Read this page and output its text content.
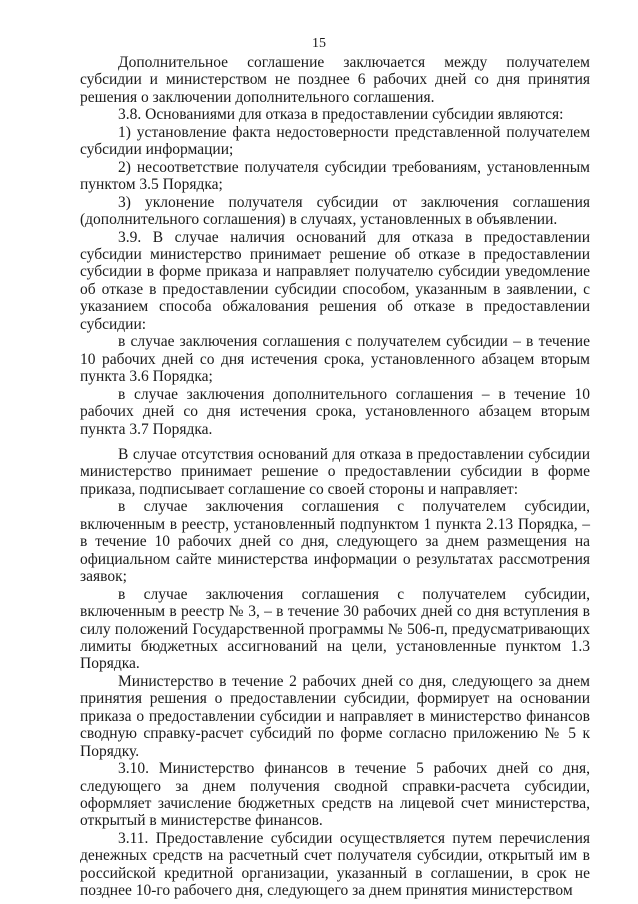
15

Дополнительное соглашение заключается между получателем субсидии и министерством не позднее 6 рабочих дней со дня принятия решения о заключении дополнительного соглашения.

3.8. Основаниями для отказа в предоставлении субсидии являются:

1) установление факта недостоверности представленной получателем субсидии информации;

2) несоответствие получателя субсидии требованиям, установленным пунктом 3.5 Порядка;

3) уклонение получателя субсидии от заключения соглашения (дополнительного соглашения) в случаях, установленных в объявлении.

3.9. В случае наличия оснований для отказа в предоставлении субсидии министерство принимает решение об отказе в предоставлении субсидии в форме приказа и направляет получателю субсидии уведомление об отказе в предоставлении субсидии способом, указанным в заявлении, с указанием способа обжалования решения об отказе в предоставлении субсидии:

в случае заключения соглашения с получателем субсидии – в течение 10 рабочих дней со дня истечения срока, установленного абзацем вторым пункта 3.6 Порядка;

в случае заключения дополнительного соглашения – в течение 10 рабочих дней со дня истечения срока, установленного абзацем вторым пункта 3.7 Порядка.

В случае отсутствия оснований для отказа в предоставлении субсидии министерство принимает решение о предоставлении субсидии в форме приказа, подписывает соглашение со своей стороны и направляет:

в случае заключения соглашения с получателем субсидии, включенным в реестр, установленный подпунктом 1 пункта 2.13 Порядка, – в течение 10 рабочих дней со дня, следующего за днем размещения на официальном сайте министерства информации о результатах рассмотрения заявок;

в случае заключения соглашения с получателем субсидии, включенным в реестр № 3, – в течение 30 рабочих дней со дня вступления в силу положений Государственной программы № 506-п, предусматривающих лимиты бюджетных ассигнований на цели, установленные пунктом 1.3 Порядка.

Министерство в течение 2 рабочих дней со дня, следующего за днем принятия решения о предоставлении субсидии, формирует на основании приказа о предоставлении субсидии и направляет в министерство финансов сводную справку-расчет субсидий по форме согласно приложению № 5 к Порядку.

3.10. Министерство финансов в течение 5 рабочих дней со дня, следующего за днем получения сводной справки-расчета субсидии, оформляет зачисление бюджетных средств на лицевой счет министерства, открытый в министерстве финансов.

3.11. Предоставление субсидии осуществляется путем перечисления денежных средств на расчетный счет получателя субсидии, открытый им в российской кредитной организации, указанный в соглашении, в срок не позднее 10-го рабочего дня, следующего за днем принятия министерством
